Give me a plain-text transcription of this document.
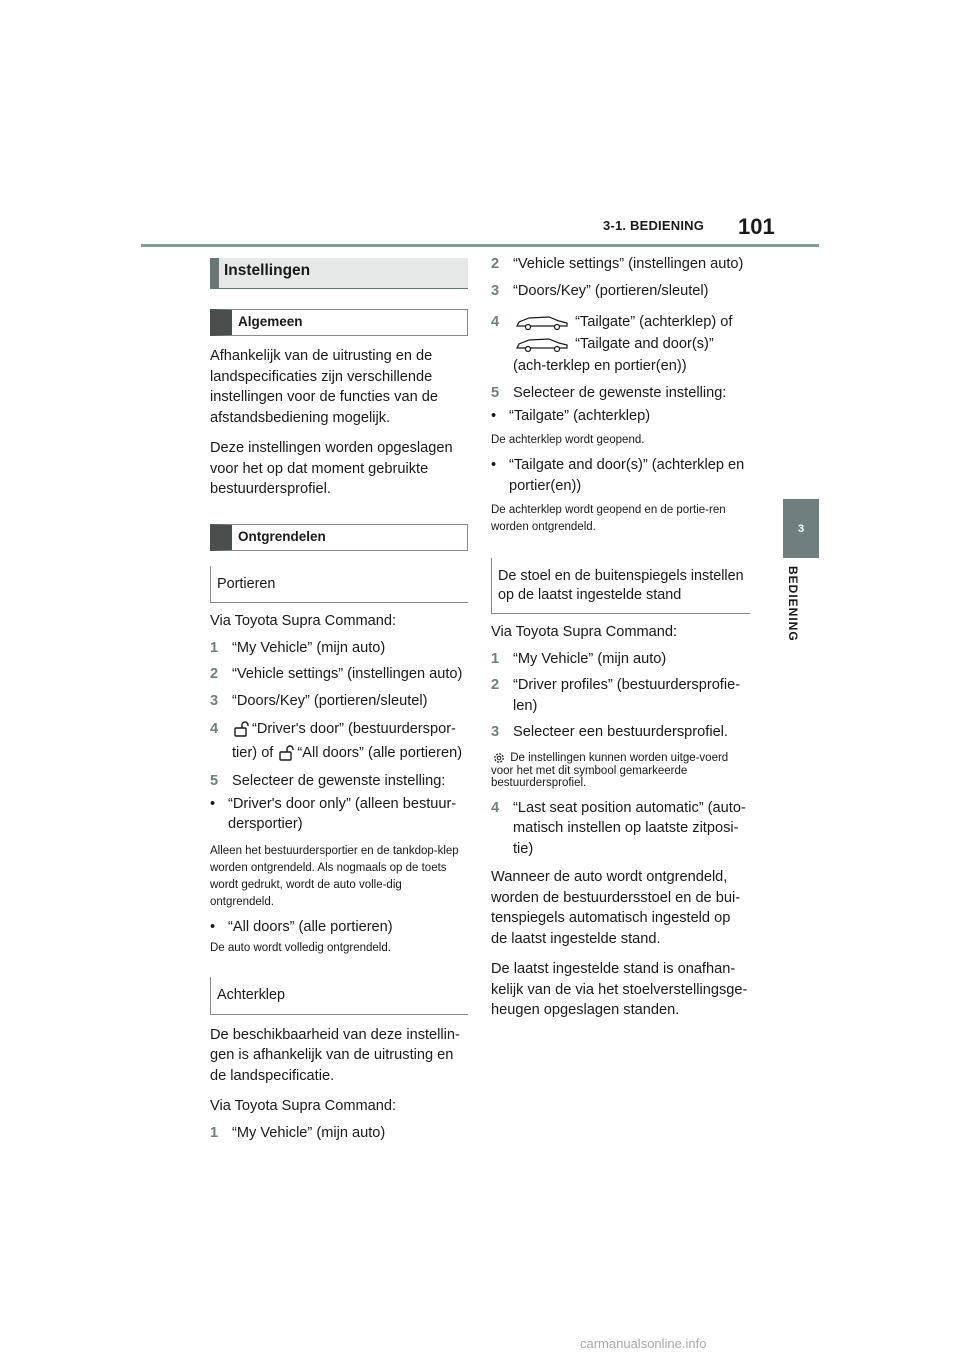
3-1. BEDIENING 101
3
BEDIENING
Instellingen
Algemeen

Afhankelijk van de uitrusting en de landspecificaties zijn verschillende instellingen voor de functies van de afstandsbediening mogelijk.

Deze instellingen worden opgeslagen voor het op dat moment gebruikte bestuurdersprofiel.

Ontgrendelen
Portieren

Via Toyota Supra Command:

1 “My Vehicle” (mijn auto)
2 “Vehicle settings” (instellingen auto)
3 “Doors/Key” (portieren/sleutel)
4	“Driver's door” (bestuurderspor-tier) of “All doors” (alle portieren)
5 Selecteer de gewenste instelling:
• “Driver's door only” (alleen bestuur-dersportier)
Alleen het bestuurdersportier en de tankdop-klep worden ontgrendeld. Als nogmaals op de toets wordt gedrukt, wordt de auto volle-dig ontgrendeld.
• “All doors” (alle portieren)
De auto wordt volledig ontgrendeld.
Achterklep

De beschikbaarheid van deze instellin-gen is afhankelijk van de uitrusting en de landspecificatie.

Via Toyota Supra Command:

1 “My Vehicle” (mijn auto)
2 “Vehicle settings” (instellingen auto)
3 “Doors/Key” (portieren/sleutel)
4	“Tailgate” (achterklep) of
“Tailgate and door(s)” (ach-terklep en portier(en))
5 Selecteer de gewenste instelling:
• “Tailgate” (achterklep)
De achterklep wordt geopend.
• “Tailgate and door(s)” (achterklep en portier(en))
De achterklep wordt geopend en de portie-ren worden ontgrendeld.
De stoel en de buitenspiegels instellen op de laatst ingestelde stand

Via Toyota Supra Command:

1 “My Vehicle” (mijn auto)
2 “Driver profiles” (bestuurdersprofie-len)
3 Selecteer een bestuurdersprofiel.
De instellingen kunnen worden uitge-voerd voor het met dit symbool gemarkeerde bestuurdersprofiel.
4 “Last seat position automatic” (auto-matisch instellen op laatste zitposi-tie)

Wanneer de auto wordt ontgrendeld, worden de bestuurdersstoel en de bui-tenspiegels automatisch ingesteld op de laatst ingestelde stand.

De laatst ingestelde stand is onafhan-kelijk van de via het stoelverstellingsge-heugen opgeslagen standen.

carmanualsonline.info
